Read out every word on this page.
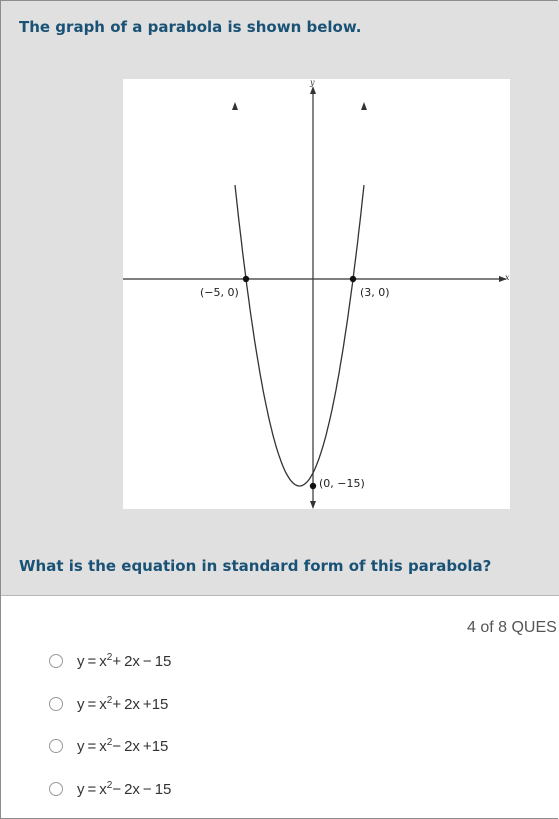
The graph of a parabola is shown below.

x
y
(−5, 0)	(3, 0)
(0, −15)

What is the equation in standard form of this parabola?

4 of 8 QUES
$y = x^2+ 2x - 15$
$y = x^2+ 2x +15$
$y = x^2- 2x +15$
$y = x^2- 2x - 15$
